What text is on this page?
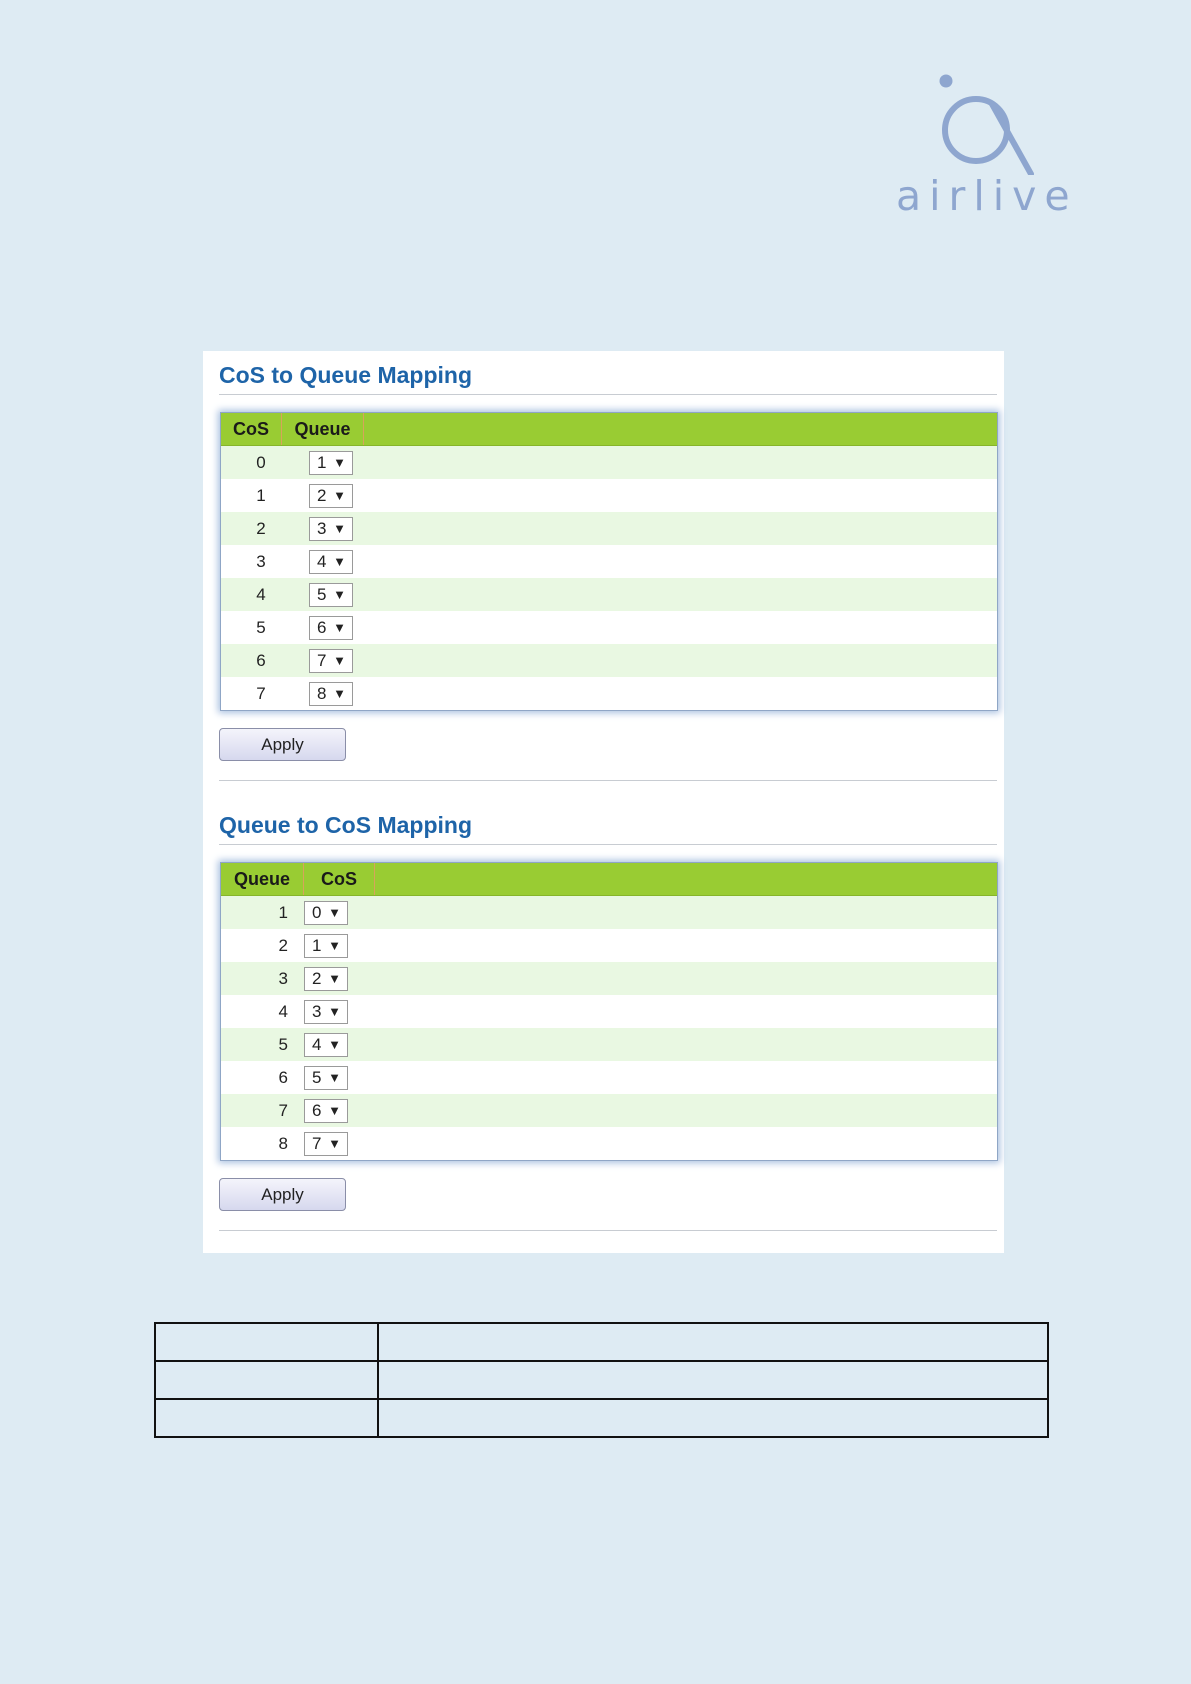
airlive
CoS to Queue Mapping
CoS	Queue
0	1 ▼
1	2 ▼
2	3 ▼
3	4 ▼
4	5 ▼
5	6 ▼
6	7 ▼
7	8 ▼
Apply
Queue to CoS Mapping
Queue	CoS
1	0 ▼
2	1 ▼
3	2 ▼
4	3 ▼
5	4 ▼
6	5 ▼
7	6 ▼
8	7 ▼
Apply
